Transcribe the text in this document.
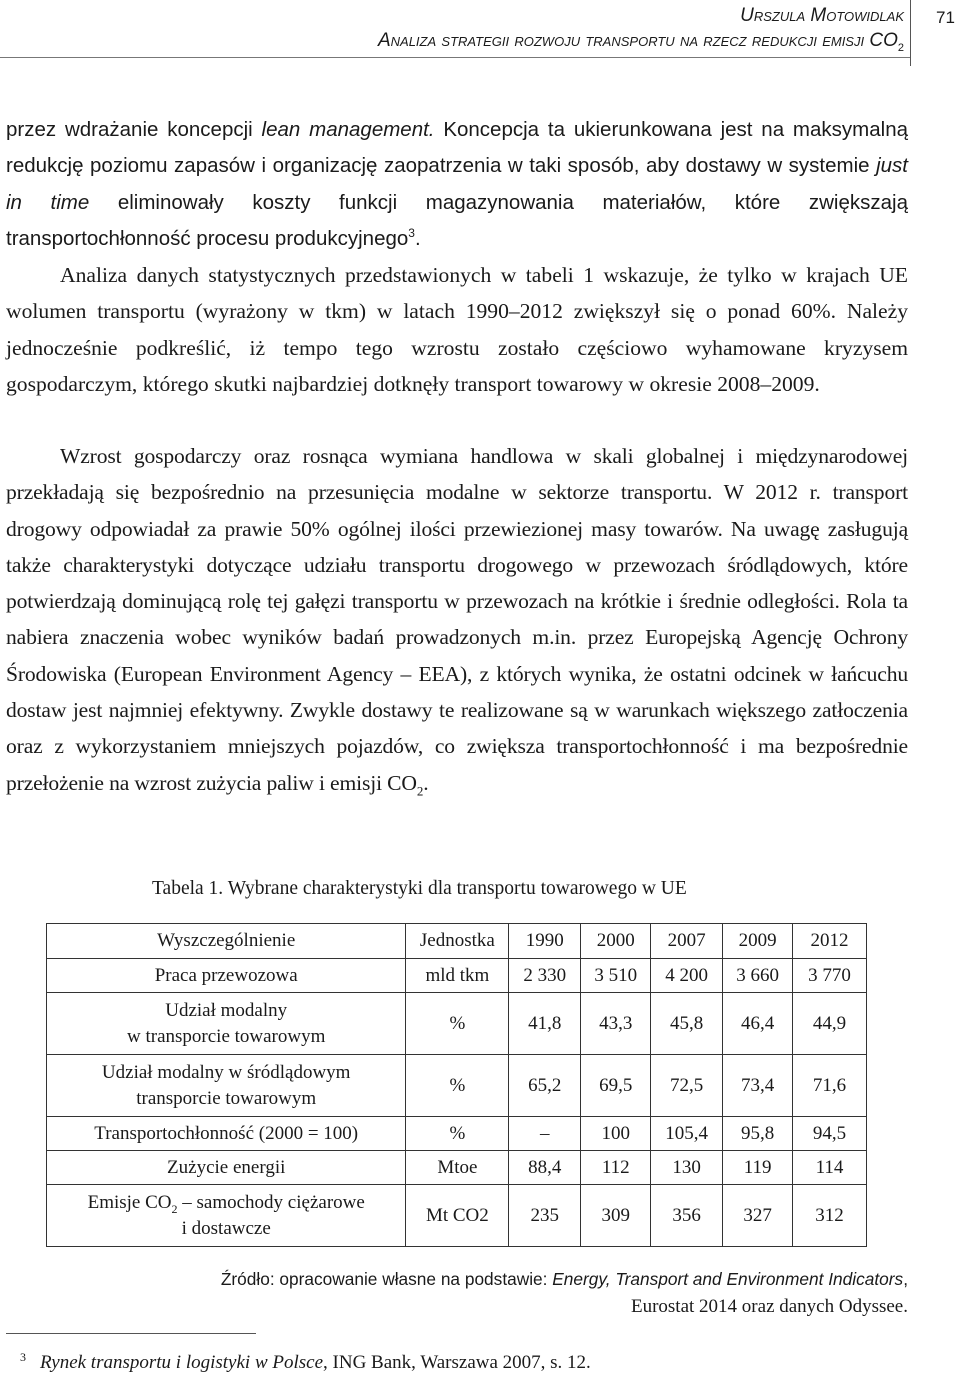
Urszula Motowidlak
Analiza strategii rozwoju transportu na rzecz redukcji emisji $CO_2$
71

przez wdrażanie koncepcji lean management. Koncepcja ta ukierunkowana jest na maksymalną redukcję poziomu zapasów i organizację zaopatrzenia w taki sposób, aby dostawy w systemie just in time eliminowały koszty funkcji magazynowania materiałów, które zwiększają transportochłonność procesu produkcyjnego$^3$.

Analiza danych statystycznych przedstawionych w tabeli 1 wskazuje, że tylko w krajach UE wolumen transportu (wyrażony w tkm) w latach 1990–2012 zwiększył się o ponad 60%. Należy jednocześnie podkreślić, iż tempo tego wzrostu zostało częściowo wyhamowane kryzysem gospodarczym, którego skutki najbardziej dotknęły transport towarowy w okresie 2008–2009.

Wzrost gospodarczy oraz rosnąca wymiana handlowa w skali globalnej i międzynarodowej przekładają się bezpośrednio na przesunięcia modalne w sektorze transportu. W 2012 r. transport drogowy odpowiadał za prawie 50% ogólnej ilości przewiezionej masy towarów. Na uwagę zasługują także charakterystyki dotyczące udziału transportu drogowego w przewozach śródlądowych, które potwierdzają dominującą rolę tej gałęzi transportu w przewozach na krótkie i średnie odległości. Rola ta nabiera znaczenia wobec wyników badań prowadzonych m.in. przez Europejską Agencję Ochrony Środowiska (European Environment Agency – EEA), z których wynika, że ostatni odcinek w łańcuchu dostaw jest najmniej efektywny. Zwykle dostawy te realizowane są w warunkach większego zatłoczenia oraz z wykorzystaniem mniejszych pojazdów, co zwiększa transportochłonność i ma bezpośrednie przełożenie na wzrost zużycia paliw i emisji $CO_2$.

Tabela 1. Wybrane charakterystyki dla transportu towarowego w UE
Wyszczególnienie	Jednostka	1990	2000	2007	2009	2012
Praca przewozowa	mld tkm	2 330	3 510	4 200	3 660	3 770

Udział modalny
w transporcie towarowym	%	41,8	43,3	45,8	46,4	44,9

Udział modalny w śródlądowym
transporcie towarowym	%	65,2	69,5	72,5	73,4	71,6
Transportochłonność (2000 = 100)	%	–	100	105,4	95,8	94,5
Zużycie energii	Mtoe	88,4	112	130	119	114

Emisje $CO_2$ – samochody ciężarowe
i dostawcze	Mt CO2	235	309	356	327	312
Źródło: opracowanie własne na podstawie: Energy, Transport and Environment Indicators,
Eurostat 2014 oraz danych Odyssee.
$^3$ Rynek transportu i logistyki w Polsce, ING Bank, Warszawa 2007, s. 12.
